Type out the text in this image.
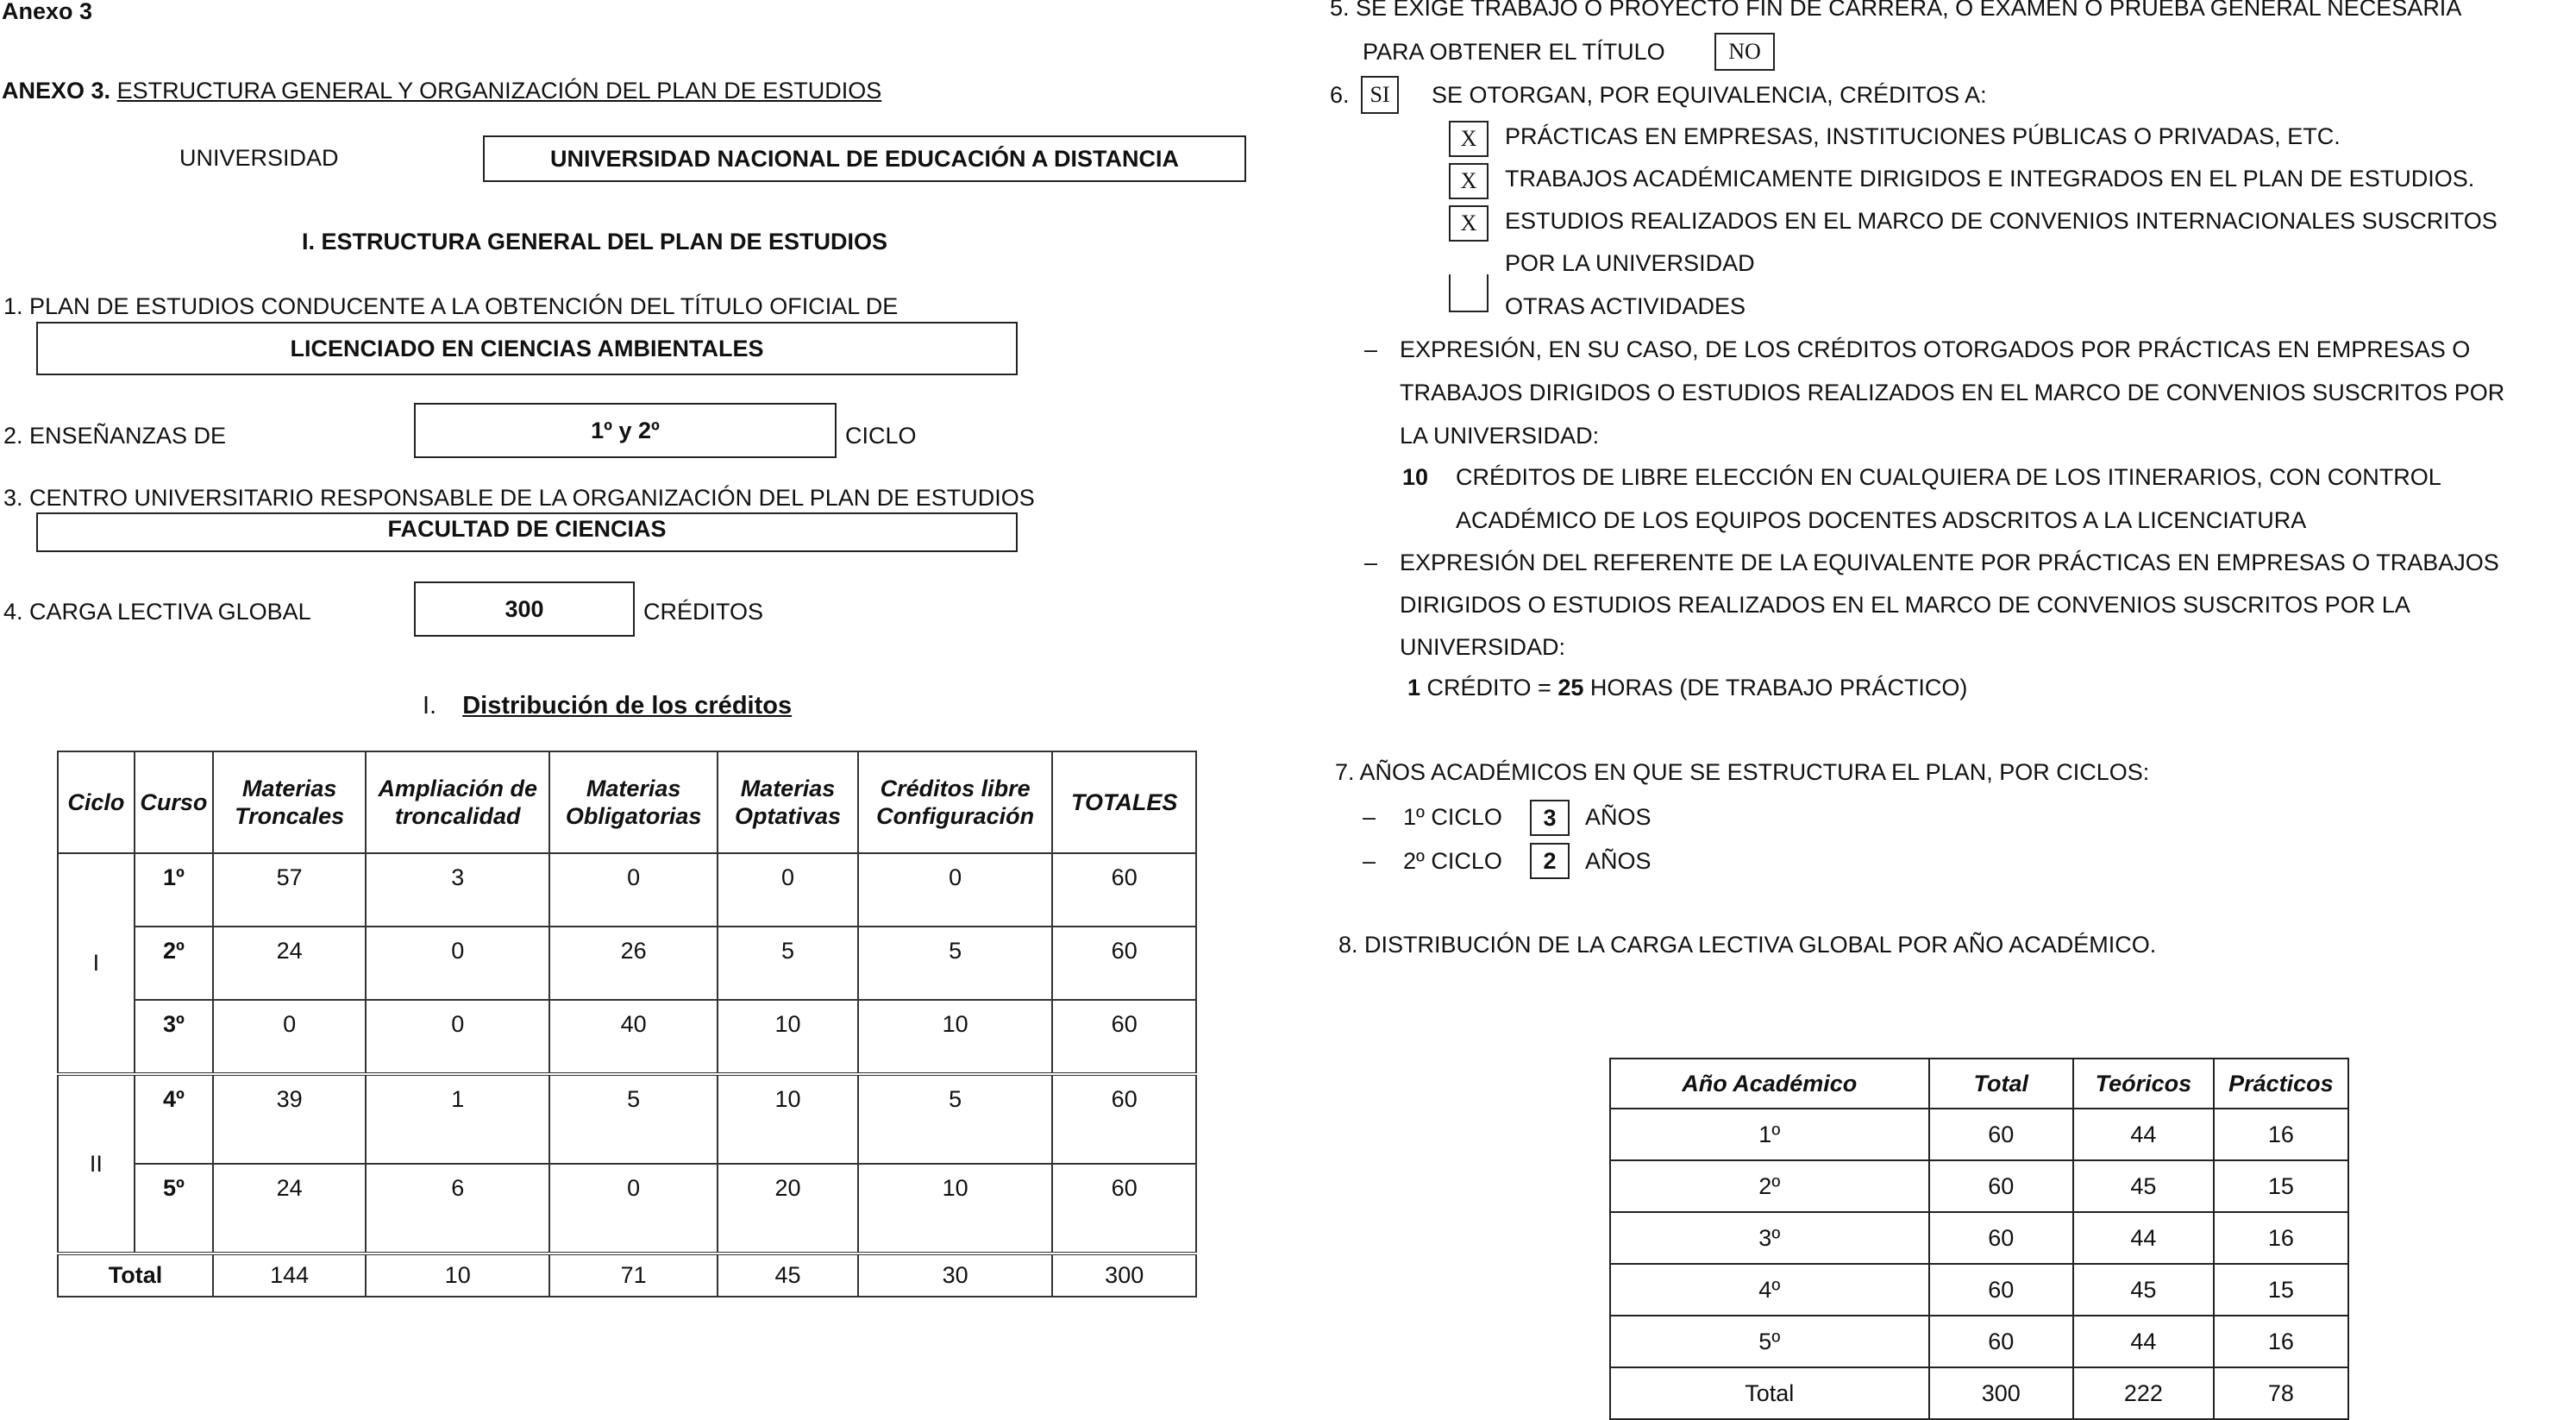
Anexo 3
ANEXO 3. ESTRUCTURA GENERAL Y ORGANIZACIÓN DEL PLAN DE ESTUDIOS
UNIVERSIDAD	UNIVERSIDAD NACIONAL DE EDUCACIÓN A DISTANCIA
I. ESTRUCTURA GENERAL DEL PLAN DE ESTUDIOS
1. PLAN DE ESTUDIOS CONDUCENTE A LA OBTENCIÓN DEL TÍTULO OFICIAL DE
LICENCIADO EN CIENCIAS AMBIENTALES
2. ENSEÑANZAS DE	1º y 2º	CICLO
3. CENTRO UNIVERSITARIO RESPONSABLE DE LA ORGANIZACIÓN DEL PLAN DE ESTUDIOS
FACULTAD DE CIENCIAS
4. CARGA LECTIVA GLOBAL	300	CRÉDITOS
I. Distribución de los créditos
Ciclo	Curso	Materias Troncales	Ampliación de troncalidad	Materias Obligatorias	Materias Optativas	Créditos libre Configuración	TOTALES
I	1º	57	3	0	0	0	60
	2º	24	0	26	5	5	60
	3º	0	0	40	10	10	60
II	4º	39	1	5	10	5	60
	5º	24	6	0	20	10	60
Total		144	10	71	45	30	300
5. SE EXIGE TRABAJO O PROYECTO FIN DE CARRERA, O EXAMEN O PRUEBA GENERAL NECESARIA
PARA OBTENER EL TÍTULO	NO
6. SI	SE OTORGAN, POR EQUIVALENCIA, CRÉDITOS A:
X	PRÁCTICAS EN EMPRESAS, INSTITUCIONES PÚBLICAS O PRIVADAS, ETC.
X	TRABAJOS ACADÉMICAMENTE DIRIGIDOS E INTEGRADOS EN EL PLAN DE ESTUDIOS.
X	ESTUDIOS REALIZADOS EN EL MARCO DE CONVENIOS INTERNACIONALES SUSCRITOS
POR LA UNIVERSIDAD
OTRAS ACTIVIDADES
– EXPRESIÓN, EN SU CASO, DE LOS CRÉDITOS OTORGADOS POR PRÁCTICAS EN EMPRESAS O
TRABAJOS DIRIGIDOS O ESTUDIOS REALIZADOS EN EL MARCO DE CONVENIOS SUSCRITOS POR
LA UNIVERSIDAD:
10 CRÉDITOS DE LIBRE ELECCIÓN EN CUALQUIERA DE LOS ITINERARIOS, CON CONTROL
ACADÉMICO DE LOS EQUIPOS DOCENTES ADSCRITOS A LA LICENCIATURA
– EXPRESIÓN DEL REFERENTE DE LA EQUIVALENTE POR PRÁCTICAS EN EMPRESAS O TRABAJOS
DIRIGIDOS O ESTUDIOS REALIZADOS EN EL MARCO DE CONVENIOS SUSCRITOS POR LA
UNIVERSIDAD:
1 CRÉDITO = 25 HORAS (DE TRABAJO PRÁCTICO)
7. AÑOS ACADÉMICOS EN QUE SE ESTRUCTURA EL PLAN, POR CICLOS:
– 1º CICLO	3	AÑOS
– 2º CICLO	2	AÑOS
8. DISTRIBUCIÓN DE LA CARGA LECTIVA GLOBAL POR AÑO ACADÉMICO.
Año Académico	Total	Teóricos	Prácticos
1º	60	44	16
2º	60	45	15
3º	60	44	16
4º	60	45	15
5º	60	44	16
Total	300	222	78
